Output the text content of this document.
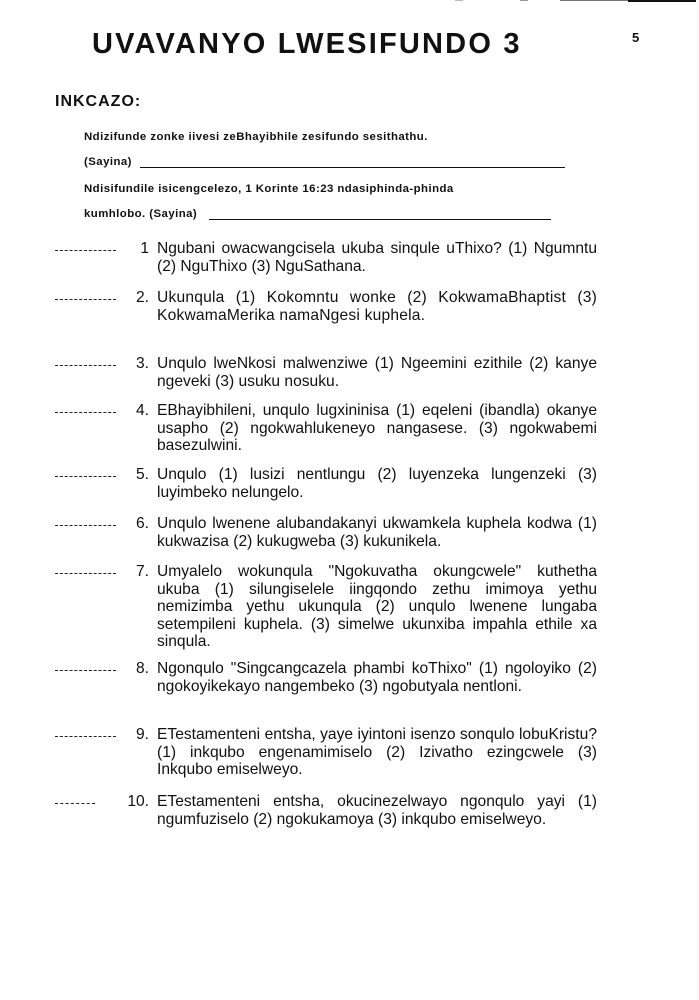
5
UVAVANYO LWESIFUNDO 3
INKCAZO:
Ndizifunde zonke iivesi zeBhayibhile zesifundo sesithathu.
(Sayina)
Ndisifundile isicengcelezo, 1 Korinte 16:23 ndasiphinda-phinda
kumhlobo. (Sayina)
1 Ngubani owacwangcisela ukuba sinqule uThixo? (1) Ngumntu (2) NguThixo (3) NguSathana.
2. Ukunqula (1) Kokomntu wonke (2) KokwamaBhaptist (3) KokwamaMerika namaNgesi kuphela.
3. Unqulo lweNkosi malwenziwe (1) Ngeemini ezithile (2) kanye ngeveki (3) usuku nosuku.
4. EBhayibhileni, unqulo lugxininisa (1) eqeleni (ibandla) okanye usapho (2) ngokwahlukeneyo nangasese. (3) ngokwabemi basezulwini.
5. Unqulo (1) lusizi nentlungu (2) luyenzeka lungenzeki (3) luyimbeko nelungelo.
6. Unqulo lwenene alubandakanyi ukwamkela kuphela kodwa (1) kukwazisa (2) kukugweba (3) kukunikela.
7. Umyalelo wokunqula "Ngokuvatha okungcwele" kuthetha ukuba (1) silungiselele iingqondo zethu imimoya yethu nemizimba yethu ukunqula (2) unqulo lwenene lungaba setempileni kuphela. (3) simelwe ukunxiba impahla ethile xa sinqula.
8. Ngonqulo "Singcangcazela phambi koThixo" (1) ngoloyiko (2) ngokoyikekayo nangembeko (3) ngobutyala nentloni.
9. ETestamenteni entsha, yaye iyintoni isenzo sonqulo lobuKristu? (1) inkqubo engenamimiselo (2) Izivatho ezingcwele (3) Inkqubo emiselweyo.
10. ETestamenteni entsha, okucinezelwayo ngonqulo yayi (1) ngumfuziselo (2) ngokukamoya (3) inkqubo emiselweyo.
